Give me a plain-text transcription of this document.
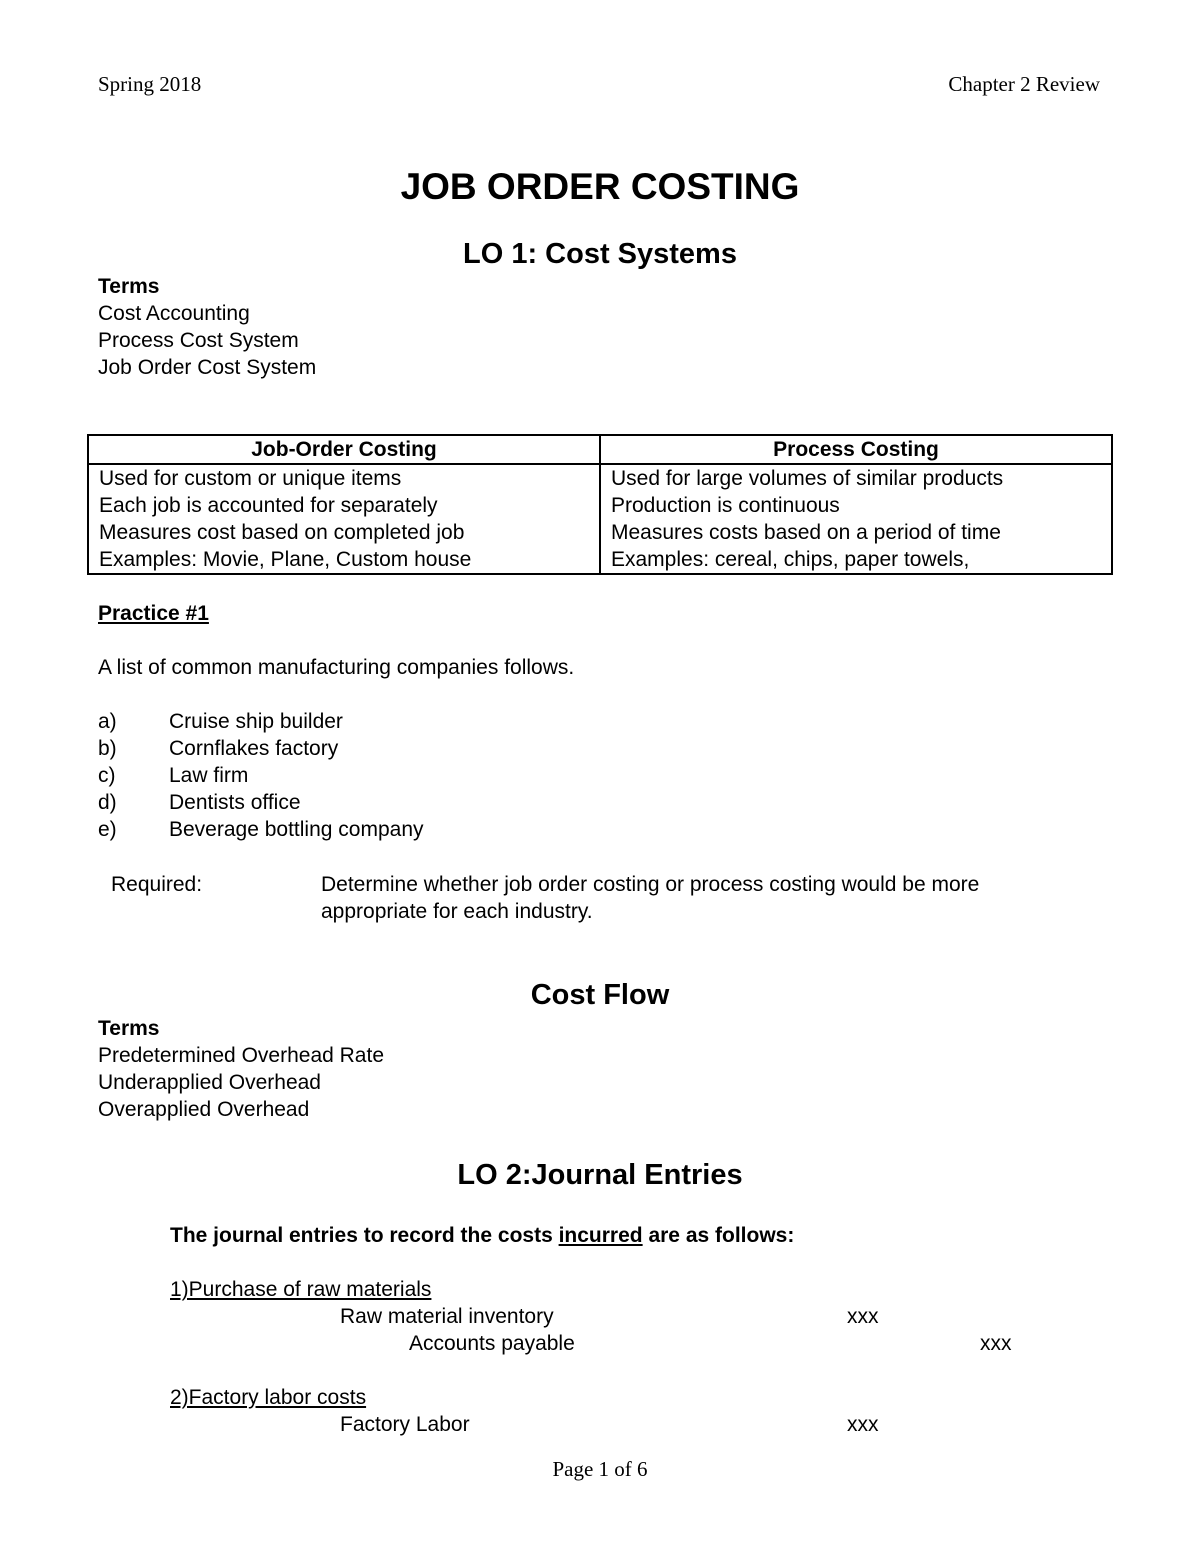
Spring 2018	Chapter 2 Review
JOB ORDER COSTING
LO 1: Cost Systems
Terms
Cost Accounting
Process Cost System
Job Order Cost System
Job-Order Costing	Process Costing
Used for custom or unique items	Used for large volumes of similar products
Each job is accounted for separately	Production is continuous
Measures cost based on completed job	Measures costs based on a period of time
Examples: Movie, Plane, Custom house	Examples: cereal, chips, paper towels,
Practice #1
A list of common manufacturing companies follows.
a)	Cruise ship builder
b)	Cornflakes factory
c)	Law firm
d)	Dentists office
e)	Beverage bottling company
Required:	Determine whether job order costing or process costing would be more
appropriate for each industry.
Cost Flow
Terms
Predetermined Overhead Rate
Underapplied Overhead
Overapplied Overhead
LO 2:Journal Entries
The journal entries to record the costs incurred are as follows:
1)Purchase of raw materials
Raw material inventory	xxx
Accounts payable	xxx
2)Factory labor costs
Factory Labor	xxx
Page 1 of 6
